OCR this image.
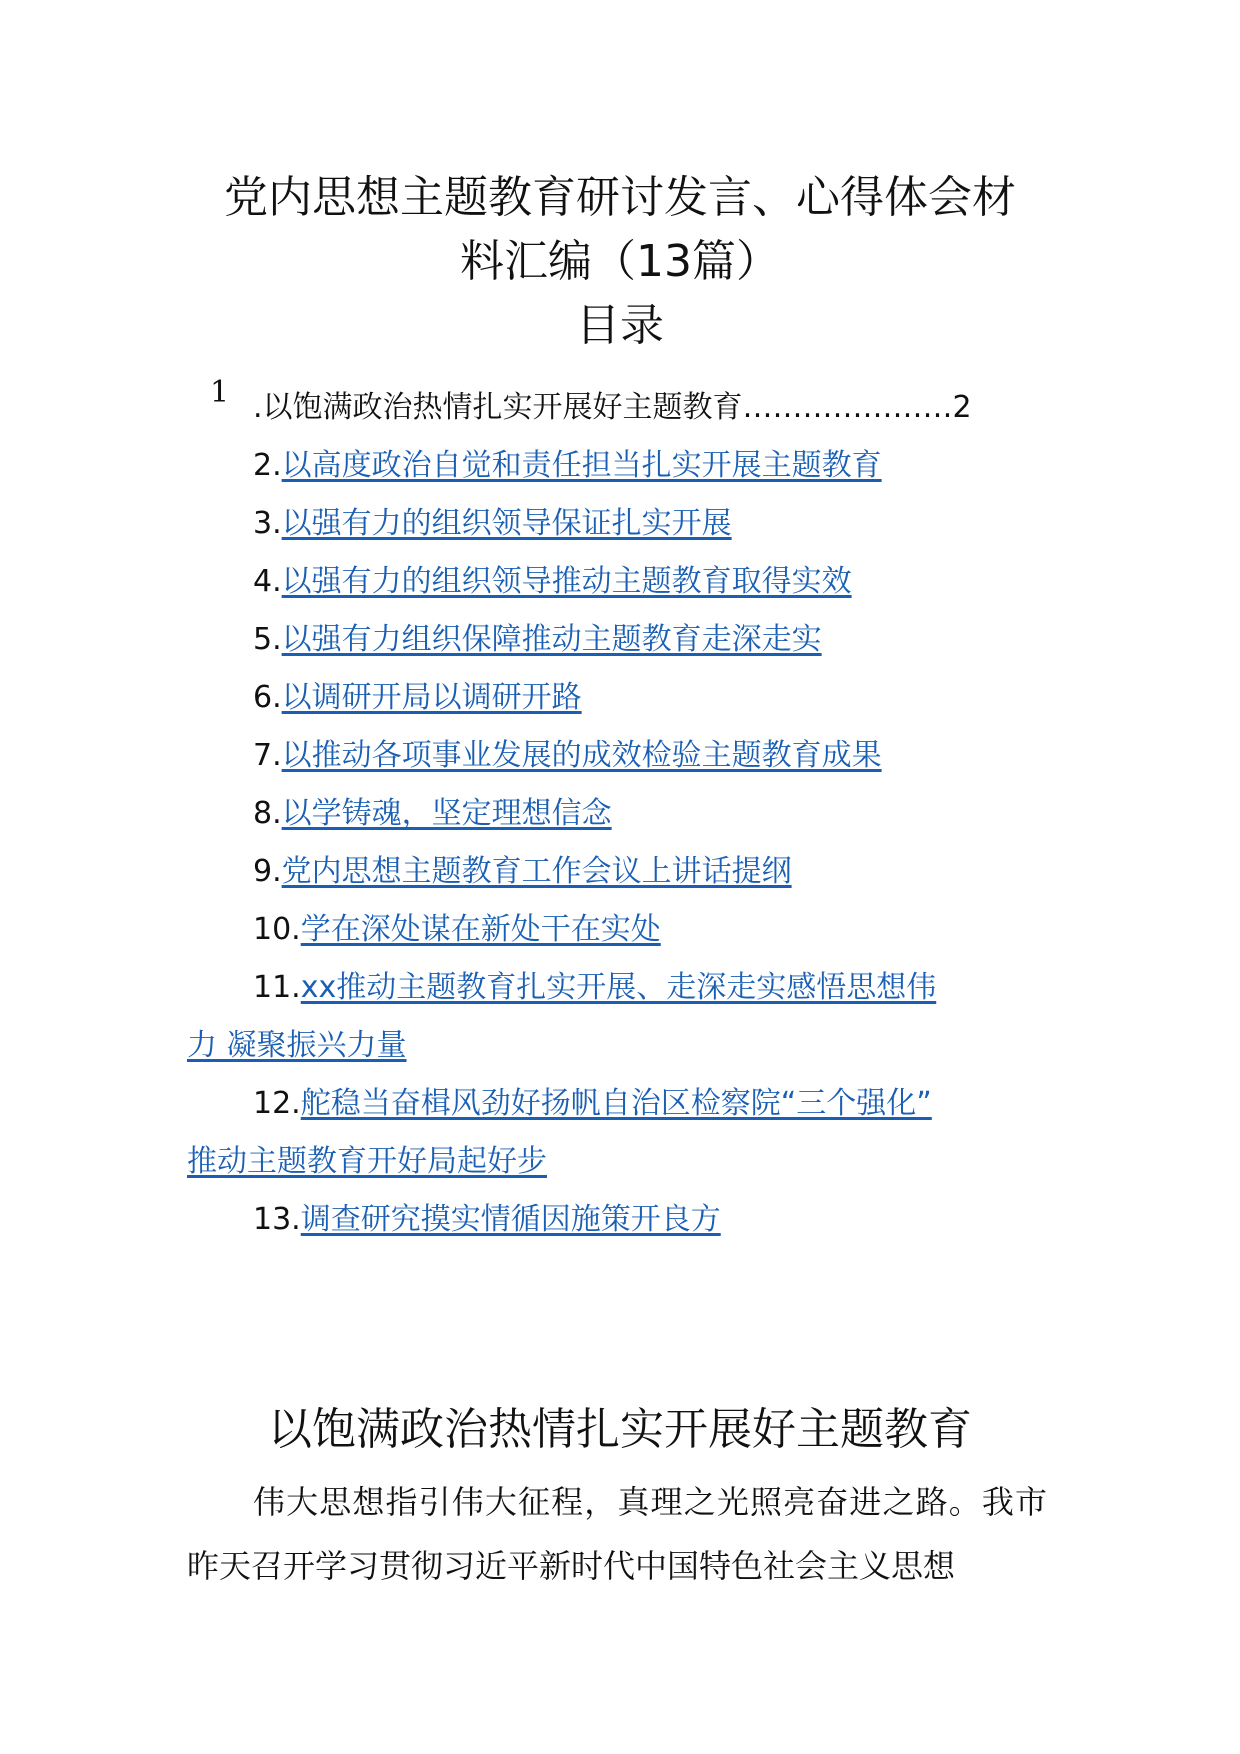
党内思想主题教育研讨发言、心得体会材
料汇编（13篇）
目录
1 .以饱满政治热情扎实开展好主题教育…………………2
2.以高度政治自觉和责任担当扎实开展主题教育
3.以强有力的组织领导保证扎实开展
4.以强有力的组织领导推动主题教育取得实效
5.以强有力组织保障推动主题教育走深走实
6.以调研开局以调研开路
7.以推动各项事业发展的成效检验主题教育成果
8.以学铸魂，坚定理想信念
9.党内思想主题教育工作会议上讲话提纲
10.学在深处谋在新处干在实处
11.xx推动主题教育扎实开展、走深走实感悟思想伟
力 凝聚振兴力量
12.舵稳当奋楫风劲好扬帆自治区检察院“三个强化”
推动主题教育开好局起好步
13.调查研究摸实情循因施策开良方
以饱满政治热情扎实开展好主题教育

伟大思想指引伟大征程，真理之光照亮奋进之路。我市昨天召开学习贯彻习近平新时代中国特色社会主义思想
